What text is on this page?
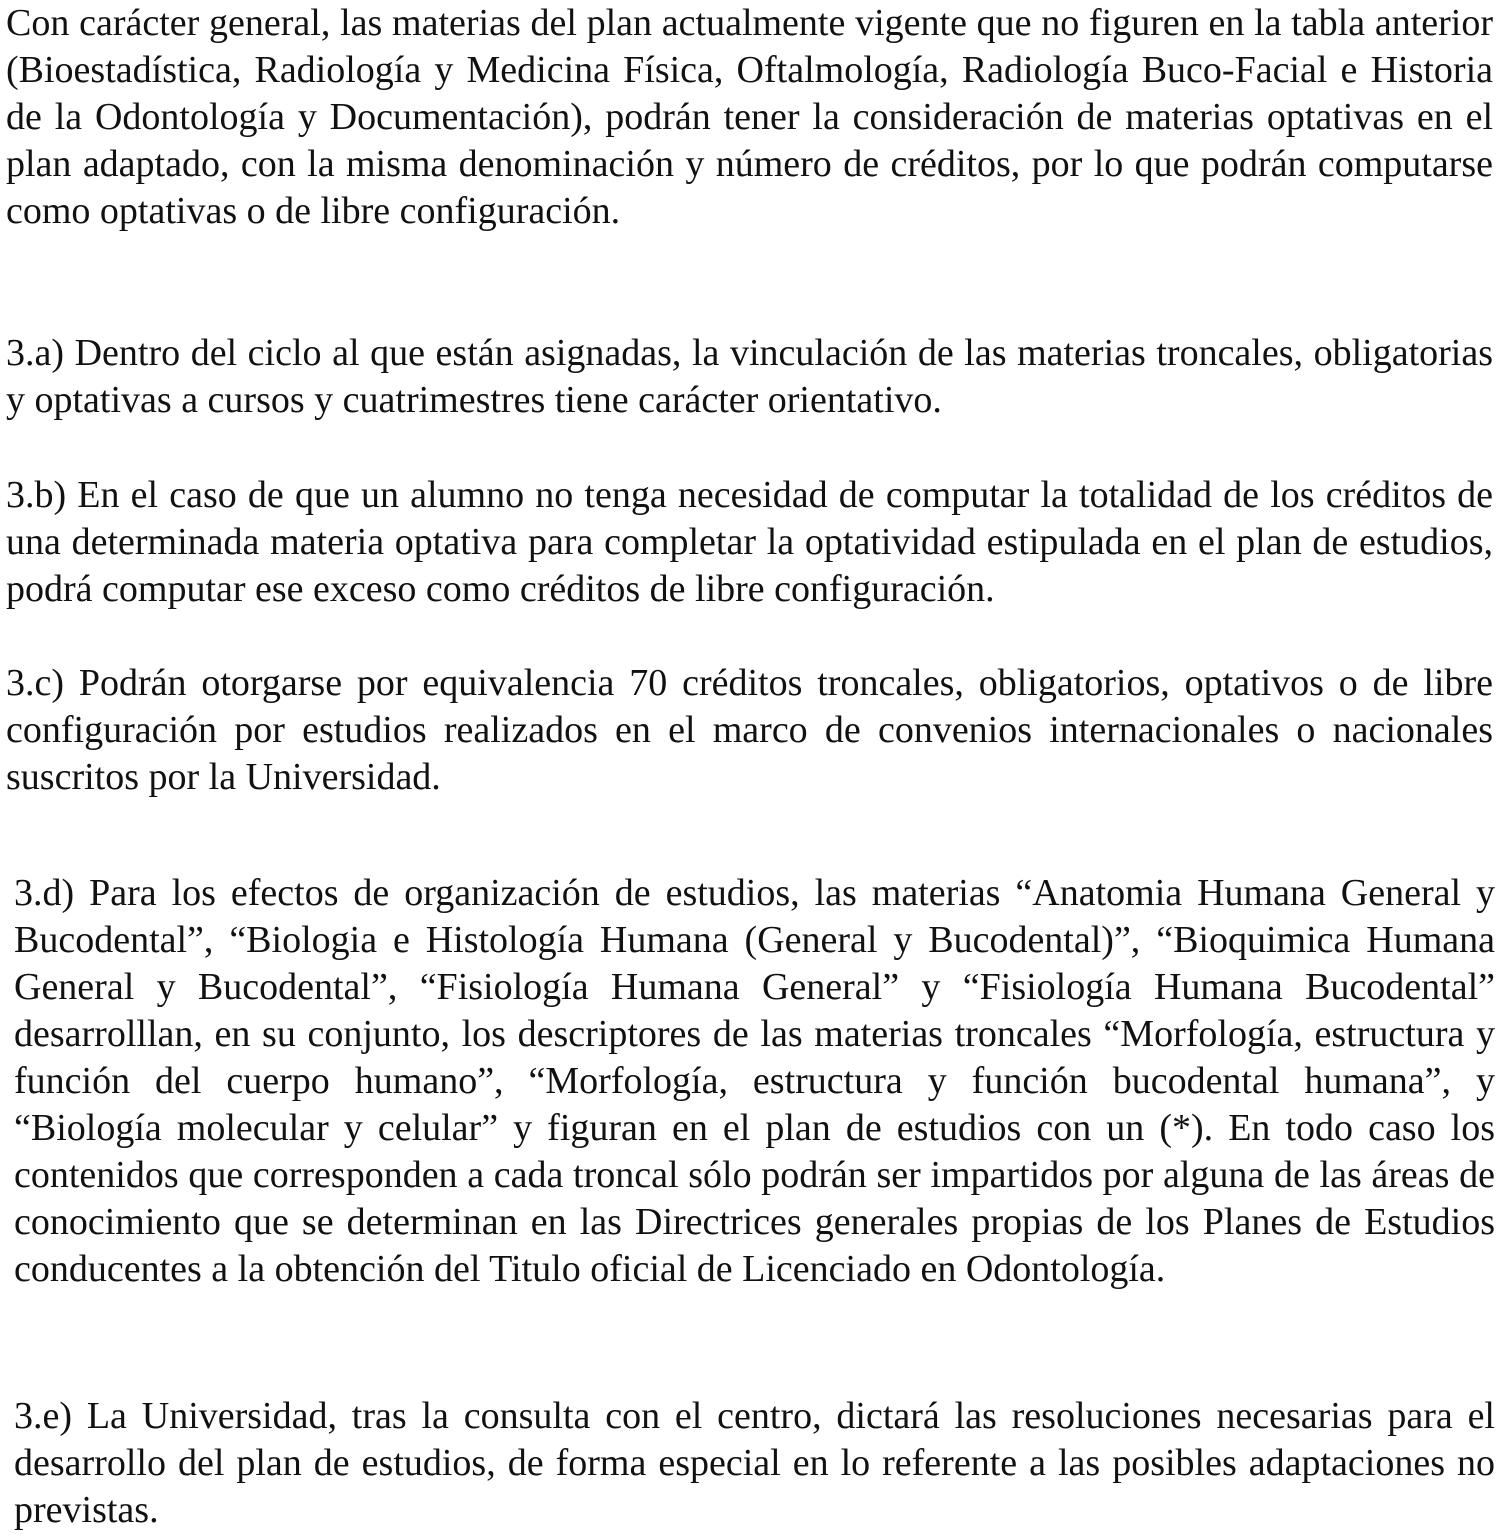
Con carácter general, las materias del plan actualmente vigente que no figuren en la tabla anterior (Bioestadística, Radiología y Medicina Física, Oftalmología, Radiología Buco-Facial e Historia de la Odontología y Documentación), podrán tener la consideración de materias optativas en el plan adaptado, con la misma denominación y número de créditos, por lo que podrán computarse como optativas o de libre configuración.

3.a) Dentro del ciclo al que están asignadas, la vinculación de las materias troncales, obligatorias y optativas a cursos y cuatrimestres tiene carácter orientativo.

3.b) En el caso de que un alumno no tenga necesidad de computar la totalidad de los créditos de una determinada materia optativa para completar la optatividad estipulada en el plan de estudios, podrá computar ese exceso como créditos de libre configuración.

3.c) Podrán otorgarse por equivalencia 70 créditos troncales, obligatorios, optativos o de libre configuración por estudios realizados en el marco de convenios internacionales o nacionales suscritos por la Universidad.

3.d) Para los efectos de organización de estudios, las materias “Anatomia Humana General y Bucodental”, “Biologia e Histología Humana (General y Bucodental)”, “Bioquimica Humana General y Bucodental”, “Fisiología Humana General” y “Fisiología Humana Bucodental” desarrolllan, en su conjunto, los descriptores de las materias troncales “Morfología, estructura y función del cuerpo humano”, “Morfología, estructura y función bucodental humana”, y “Biología molecular y celular” y figuran en el plan de estudios con un (*). En todo caso los contenidos que corresponden a cada troncal sólo podrán ser impartidos por alguna de las áreas de conocimiento que se determinan en las Directrices generales propias de los Planes de Estudios conducentes a la obtención del Titulo oficial de Licenciado en Odontología.

3.e) La Universidad, tras la consulta con el centro, dictará las resoluciones necesarias para el desarrollo del plan de estudios, de forma especial en lo referente a las posibles adaptaciones no previstas.
